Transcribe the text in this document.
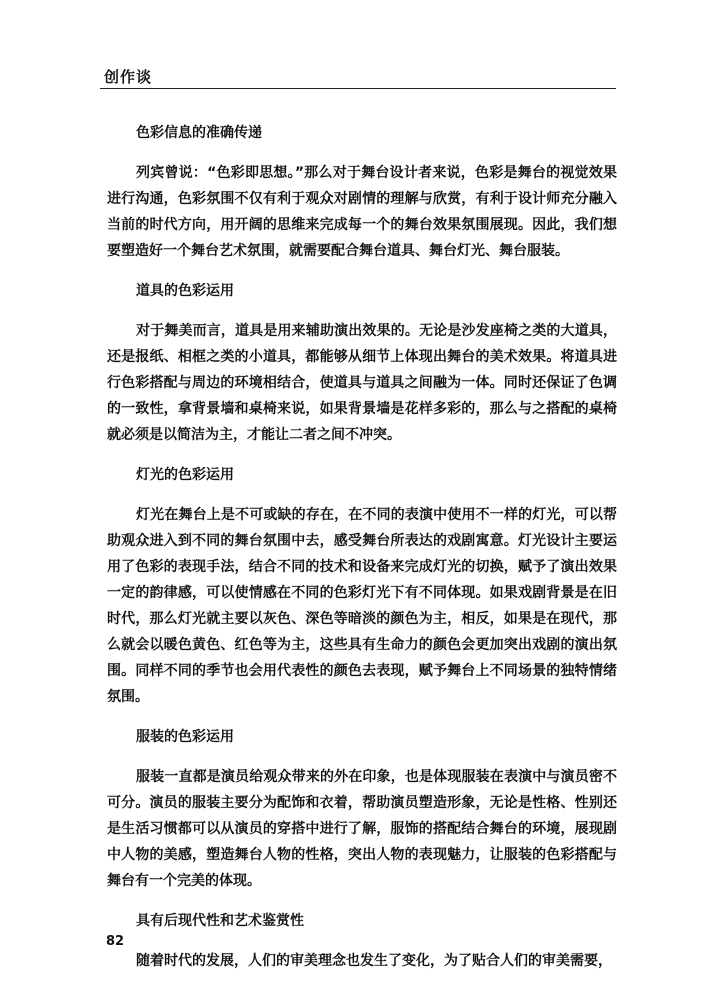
创作谈
色彩信息的准确传递

列宾曾说：“色彩即思想。”那么对于舞台设计者来说，色彩是舞台的视觉效果进行沟通，色彩氛围不仅有利于观众对剧情的理解与欣赏，有利于设计师充分融入当前的时代方向，用开阔的思维来完成每一个的舞台效果氛围展现。因此，我们想要塑造好一个舞台艺术氛围，就需要配合舞台道具、舞台灯光、舞台服装。

道具的色彩运用

对于舞美而言，道具是用来辅助演出效果的。无论是沙发座椅之类的大道具，还是报纸、相框之类的小道具，都能够从细节上体现出舞台的美术效果。将道具进行色彩搭配与周边的环境相结合，使道具与道具之间融为一体。同时还保证了色调的一致性，拿背景墙和桌椅来说，如果背景墙是花样多彩的，那么与之搭配的桌椅就必须是以简洁为主，才能让二者之间不冲突。

灯光的色彩运用

灯光在舞台上是不可或缺的存在，在不同的表演中使用不一样的灯光，可以帮助观众进入到不同的舞台氛围中去，感受舞台所表达的戏剧寓意。灯光设计主要运用了色彩的表现手法，结合不同的技术和设备来完成灯光的切换，赋予了演出效果一定的韵律感，可以使情感在不同的色彩灯光下有不同体现。如果戏剧背景是在旧时代，那么灯光就主要以灰色、深色等暗淡的颜色为主，相反，如果是在现代，那么就会以暖色黄色、红色等为主，这些具有生命力的颜色会更加突出戏剧的演出氛围。同样不同的季节也会用代表性的颜色去表现，赋予舞台上不同场景的独特情绪氛围。

服装的色彩运用

服装一直都是演员给观众带来的外在印象，也是体现服装在表演中与演员密不可分。演员的服装主要分为配饰和衣着，帮助演员塑造形象，无论是性格、性别还是生活习惯都可以从演员的穿搭中进行了解，服饰的搭配结合舞台的环境，展现剧中人物的美感，塑造舞台人物的性格，突出人物的表现魅力，让服装的色彩搭配与舞台有一个完美的体现。

具有后现代性和艺术鉴赏性

随着时代的发展，人们的审美理念也发生了变化，为了贴合人们的审美需要，

82
